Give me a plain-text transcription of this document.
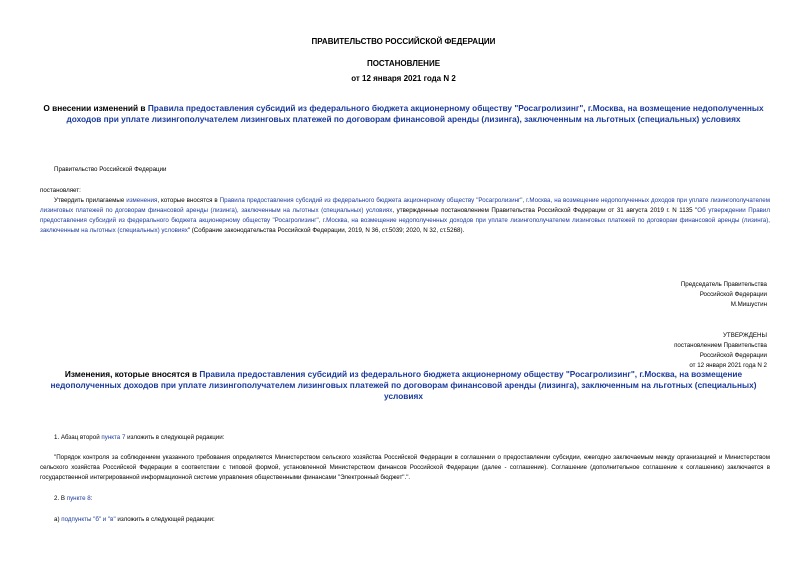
ПРАВИТЕЛЬСТВО РОССИЙСКОЙ ФЕДЕРАЦИИ
ПОСТАНОВЛЕНИЕ
от 12 января 2021 года N 2
О внесении изменений в Правила предоставления субсидий из федерального бюджета акционерному обществу "Росагролизинг", г.Москва, на возмещение недополученных доходов при уплате лизингополучателем лизинговых платежей по договорам финансовой аренды (лизинга), заключенным на льготных (специальных) условиях
Правительство Российской Федерации
постановляет:
Утвердить прилагаемые изменения, которые вносятся в Правила предоставления субсидий из федерального бюджета акционерному обществу "Росагролизинг", г.Москва, на возмещение недополученных доходов при уплате лизингополучателем лизинговых платежей по договорам финансовой аренды (лизинга), заключенным на льготных (специальных) условиях, утвержденные постановлением Правительства Российской Федерации от 31 августа 2019 г. N 1135 "Об утверждении Правил предоставления субсидий из федерального бюджета акционерному обществу "Росагролизинг", г.Москва, на возмещение недополученных доходов при уплате лизингополучателем лизинговых платежей по договорам финансовой аренды (лизинга), заключенным на льготных (специальных) условиях" (Собрание законодательства Российской Федерации, 2019, N 36, ст.5039; 2020, N 32, ст.5268).
Председатель Правительства
Российской Федерации
М.Мишустин
УТВЕРЖДЕНЫ
постановлением Правительства
Российской Федерации
от 12 января 2021 года N 2
Изменения, которые вносятся в Правила предоставления субсидий из федерального бюджета акционерному обществу "Росагролизинг", г.Москва, на возмещение недополученных доходов при уплате лизингополучателем лизинговых платежей по договорам финансовой аренды (лизинга), заключенным на льготных (специальных) условиях
1. Абзац второй пункта 7 изложить в следующей редакции:
"Порядок контроля за соблюдением указанного требования определяется Министерством сельского хозяйства Российской Федерации в соглашении о предоставлении субсидии, ежегодно заключаемым между организацией и Министерством сельского хозяйства Российской Федерации в соответствии с типовой формой, установленной Министерством финансов Российской Федерации (далее - соглашение). Соглашение (дополнительное соглашение к соглашению) заключается в государственной интегрированной информационной системе управления общественными финансами "Электронный бюджет".".
2. В пункте 8:
а) подпункты "б" и "в" изложить в следующей редакции:
